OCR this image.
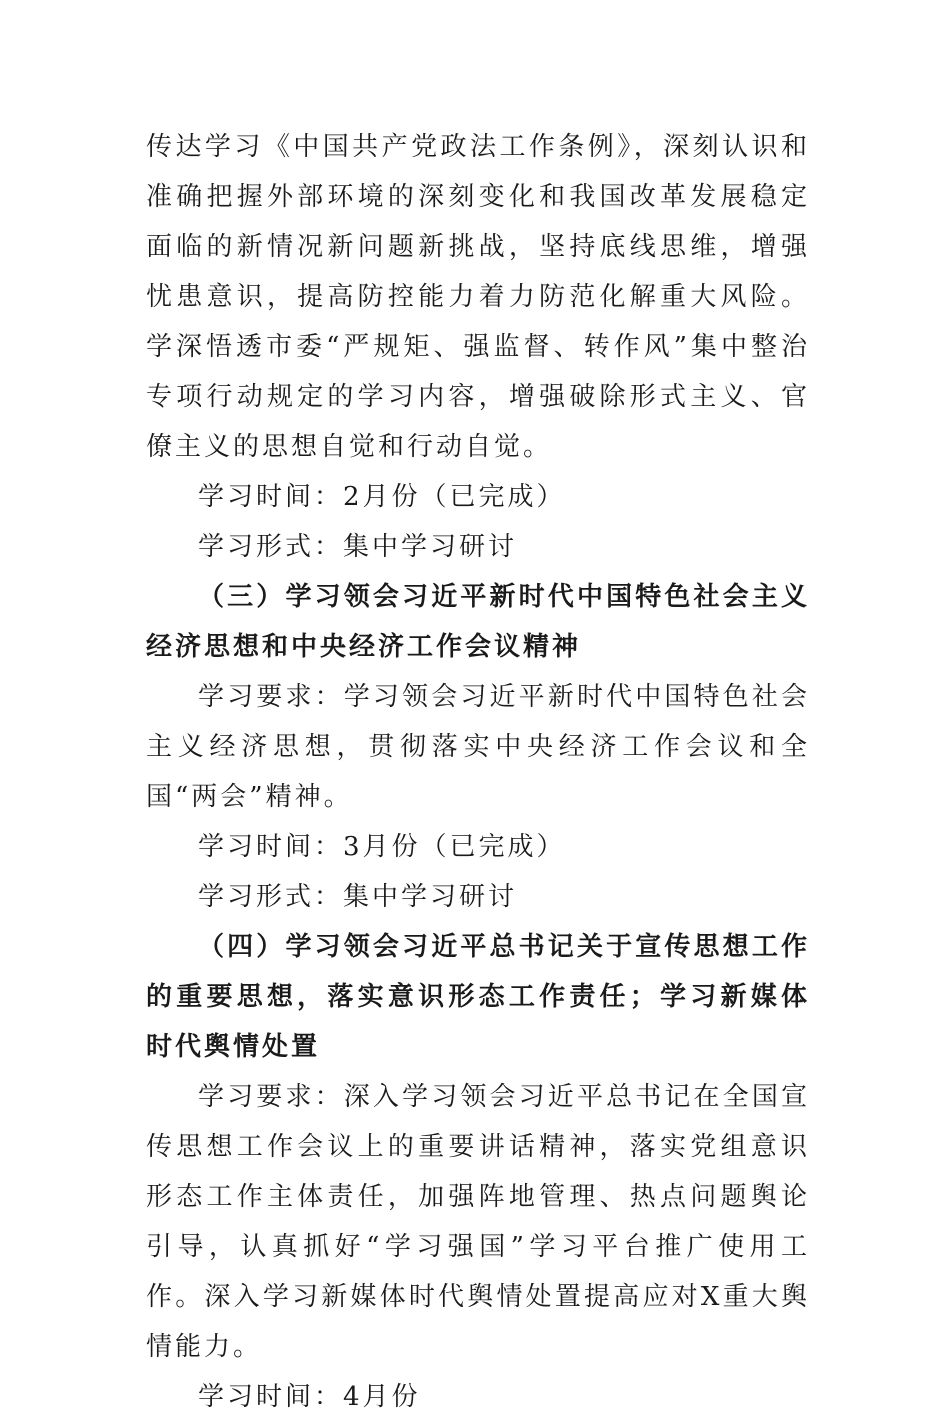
传达学习《中国共产党政法工作条例》，深刻认识和准确把握外部环境的深刻变化和我国改革发展稳定面临的新情况新问题新挑战，坚持底线思维，增强忧患意识，提高防控能力着力防范化解重大风险。学深悟透市委“严规矩、强监督、转作风”集中整治专项行动规定的学习内容，增强破除形式主义、官僚主义的思想自觉和行动自觉。

学习时间：2月份（已完成）

学习形式：集中学习研讨

（三）学习领会习近平新时代中国特色社会主义经济思想和中央经济工作会议精神

学习要求：学习领会习近平新时代中国特色社会主义经济思想，贯彻落实中央经济工作会议和全国“两会”精神。

学习时间：3月份（已完成）

学习形式：集中学习研讨

（四）学习领会习近平总书记关于宣传思想工作的重要思想，落实意识形态工作责任；学习新媒体时代舆情处置

学习要求：深入学习领会习近平总书记在全国宣传思想工作会议上的重要讲话精神，落实党组意识形态工作主体责任，加强阵地管理、热点问题舆论引导，认真抓好“学习强国”学习平台推广使用工作。深入学习新媒体时代舆情处置提高应对X重大舆情能力。

学习时间：4月份
